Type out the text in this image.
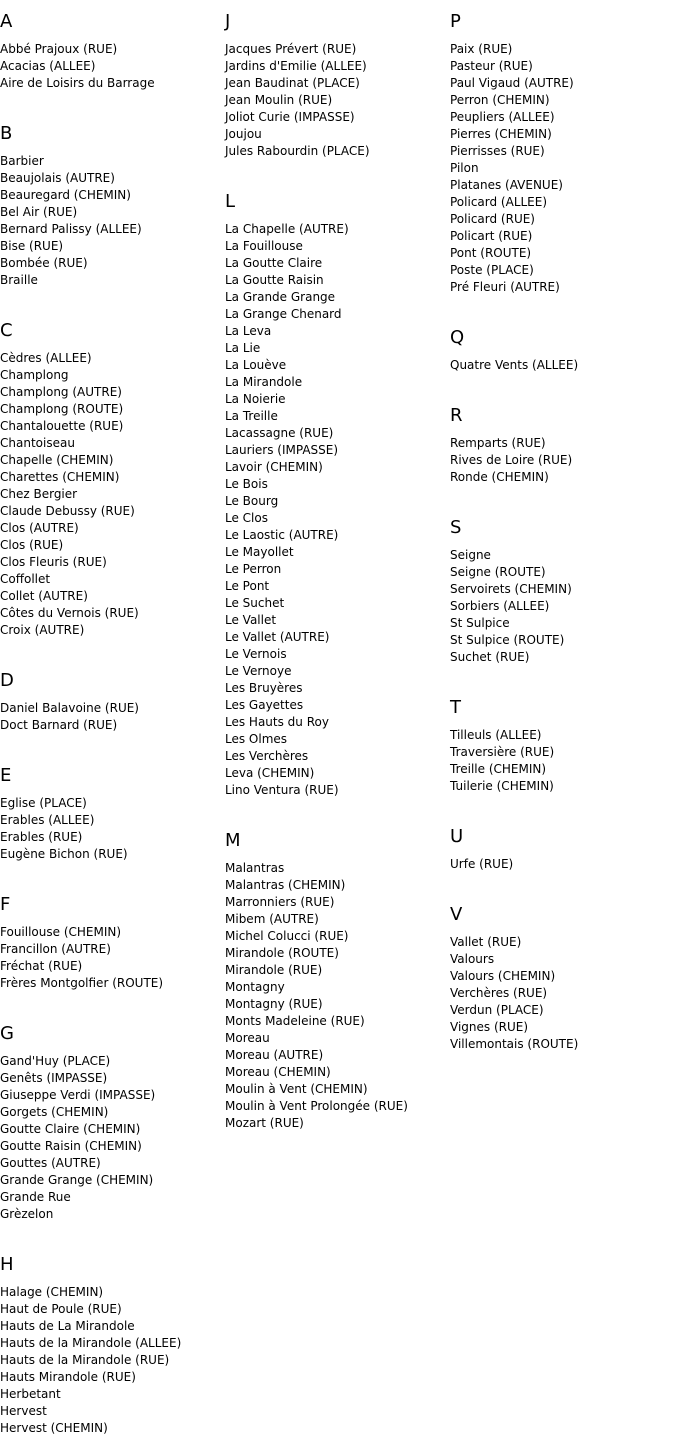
A
Abbé Prajoux (RUE)
Acacias (ALLEE)
Aire de Loisirs du Barrage
B
Barbier
Beaujolais (AUTRE)
Beauregard (CHEMIN)
Bel Air (RUE)
Bernard Palissy (ALLEE)
Bise (RUE)
Bombée (RUE)
Braille
C
Cèdres (ALLEE)
Champlong
Champlong (AUTRE)
Champlong (ROUTE)
Chantalouette (RUE)
Chantoiseau
Chapelle (CHEMIN)
Charettes (CHEMIN)
Chez Bergier
Claude Debussy (RUE)
Clos (AUTRE)
Clos (RUE)
Clos Fleuris (RUE)
Coffollet
Collet (AUTRE)
Côtes du Vernois (RUE)
Croix (AUTRE)
D
Daniel Balavoine (RUE)
Doct Barnard (RUE)
E
Eglise (PLACE)
Erables (ALLEE)
Erables (RUE)
Eugène Bichon (RUE)
F
Fouillouse (CHEMIN)
Francillon (AUTRE)
Fréchat (RUE)
Frères Montgolfier (ROUTE)
G
Gand'Huy (PLACE)
Genêts (IMPASSE)
Giuseppe Verdi (IMPASSE)
Gorgets (CHEMIN)
Goutte Claire (CHEMIN)
Goutte Raisin (CHEMIN)
Gouttes (AUTRE)
Grande Grange (CHEMIN)
Grande Rue
Grèzelon
H
Halage (CHEMIN)
Haut de Poule (RUE)
Hauts de La Mirandole
Hauts de la Mirandole (ALLEE)
Hauts de la Mirandole (RUE)
Hauts Mirandole (RUE)
Herbetant
Hervest
Hervest (CHEMIN)
J
Jacques Prévert (RUE)
Jardins d'Emilie (ALLEE)
Jean Baudinat (PLACE)
Jean Moulin (RUE)
Joliot Curie (IMPASSE)
Joujou
Jules Rabourdin (PLACE)
L
La Chapelle (AUTRE)
La Fouillouse
La Goutte Claire
La Goutte Raisin
La Grande Grange
La Grange Chenard
La Leva
La Lie
La Louève
La Mirandole
La Noierie
La Treille
Lacassagne (RUE)
Lauriers (IMPASSE)
Lavoir (CHEMIN)
Le Bois
Le Bourg
Le Clos
Le Laostic (AUTRE)
Le Mayollet
Le Perron
Le Pont
Le Suchet
Le Vallet
Le Vallet (AUTRE)
Le Vernois
Le Vernoye
Les Bruyères
Les Gayettes
Les Hauts du Roy
Les Olmes
Les Verchères
Leva (CHEMIN)
Lino Ventura (RUE)
M
Malantras
Malantras (CHEMIN)
Marronniers (RUE)
Mibem (AUTRE)
Michel Colucci (RUE)
Mirandole (ROUTE)
Mirandole (RUE)
Montagny
Montagny (RUE)
Monts Madeleine (RUE)
Moreau
Moreau (AUTRE)
Moreau (CHEMIN)
Moulin à Vent (CHEMIN)
Moulin à Vent Prolongée (RUE)
Mozart (RUE)
P
Paix (RUE)
Pasteur (RUE)
Paul Vigaud (AUTRE)
Perron (CHEMIN)
Peupliers (ALLEE)
Pierres (CHEMIN)
Pierrisses (RUE)
Pilon
Platanes (AVENUE)
Policard (ALLEE)
Policard (RUE)
Policart (RUE)
Pont (ROUTE)
Poste (PLACE)
Pré Fleuri (AUTRE)
Q
Quatre Vents (ALLEE)
R
Remparts (RUE)
Rives de Loire (RUE)
Ronde (CHEMIN)
S
Seigne
Seigne (ROUTE)
Servoirets (CHEMIN)
Sorbiers (ALLEE)
St Sulpice
St Sulpice (ROUTE)
Suchet (RUE)
T
Tilleuls (ALLEE)
Traversière (RUE)
Treille (CHEMIN)
Tuilerie (CHEMIN)
U
Urfe (RUE)
V
Vallet (RUE)
Valours
Valours (CHEMIN)
Verchères (RUE)
Verdun (PLACE)
Vignes (RUE)
Villemontais (ROUTE)
